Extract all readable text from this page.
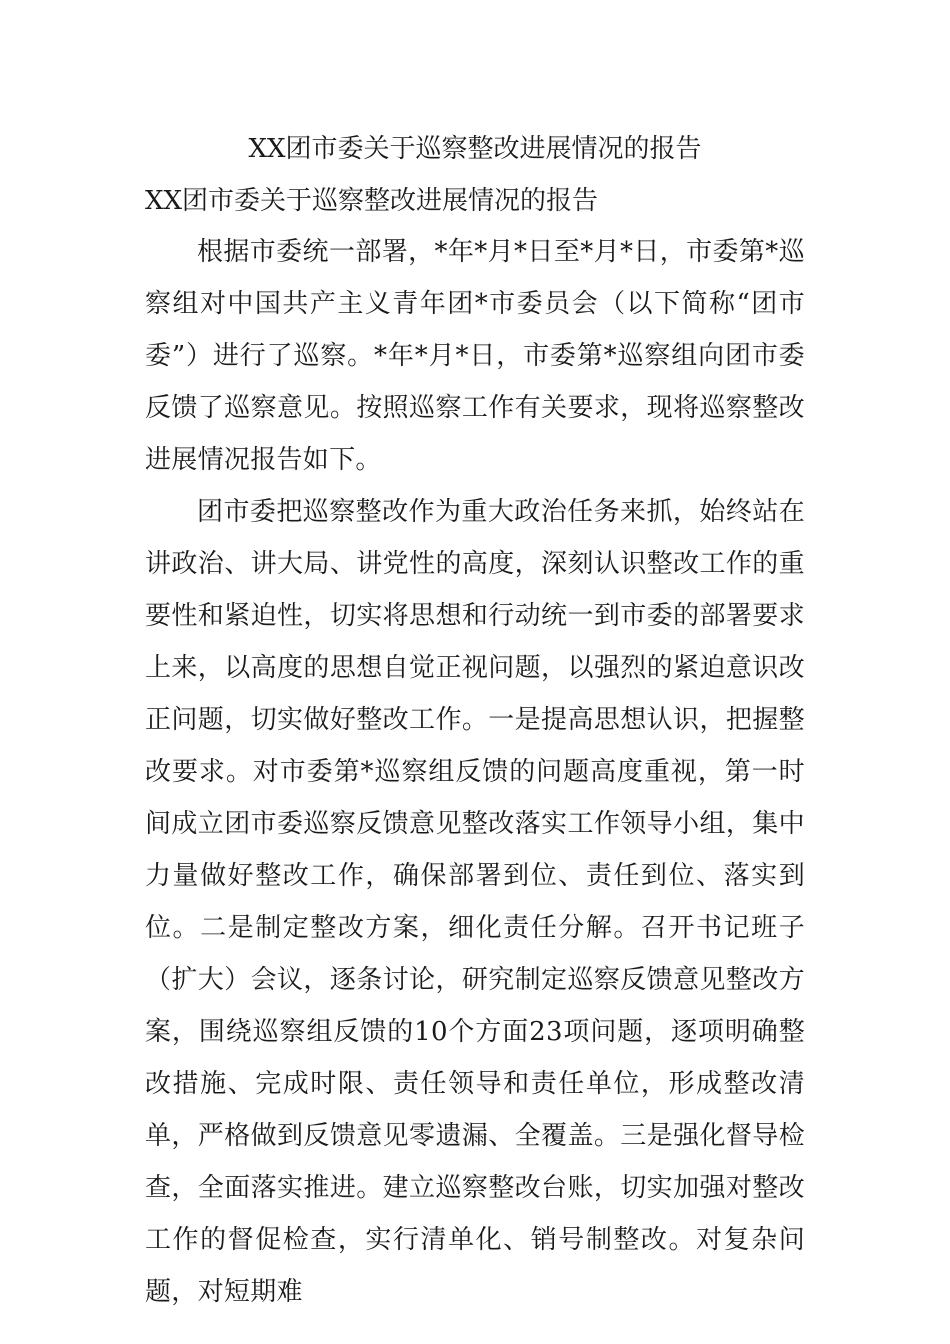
XX团市委关于巡察整改进展情况的报告
XX团市委关于巡察整改进展情况的报告

根据市委统一部署，*年*月*日至*月*日，市委第*巡察组对中国共产主义青年团*市委员会（以下简称“团市委”）进行了巡察。*年*月*日，市委第*巡察组向团市委反馈了巡察意见。按照巡察工作有关要求，现将巡察整改进展情况报告如下。

团市委把巡察整改作为重大政治任务来抓，始终站在讲政治、讲大局、讲党性的高度，深刻认识整改工作的重要性和紧迫性，切实将思想和行动统一到市委的部署要求上来，以高度的思想自觉正视问题，以强烈的紧迫意识改正问题，切实做好整改工作。一是提高思想认识，把握整改要求。对市委第*巡察组反馈的问题高度重视，第一时间成立团市委巡察反馈意见整改落实工作领导小组，集中力量做好整改工作，确保部署到位、责任到位、落实到位。二是制定整改方案，细化责任分解。召开书记班子（扩大）会议，逐条讨论，研究制定巡察反馈意见整改方案，围绕巡察组反馈的10个方面23项问题，逐项明确整改措施、完成时限、责任领导和责任单位，形成整改清单，严格做到反馈意见零遗漏、全覆盖。三是强化督导检查，全面落实推进。建立巡察整改台账，切实加强对整改工作的督促检查，实行清单化、销号制整改。对复杂问题，对短期难
